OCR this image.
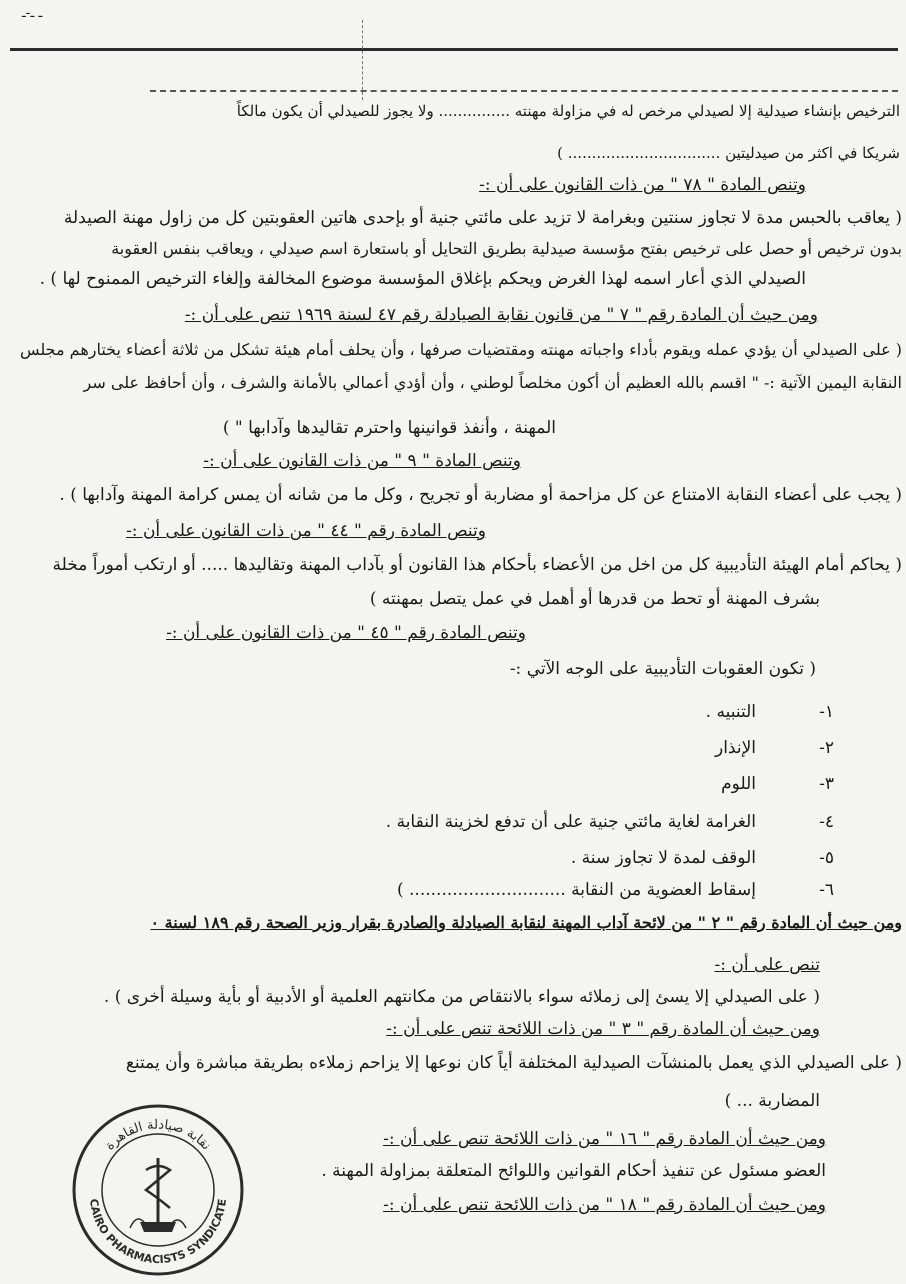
ـ ـ-ـ
الترخيص بإنشاء صيدلية إلا لصيدلي مرخص له في مزاولة مهنته ............... ولا يجوز للصيدلي أن يكون مالكاً
شريكا في اكثر من صيدليتين ................................ )
وتنص المادة " ٧٨ " من ذات القانون على أن :-
( يعاقب بالحبس مدة لا تجاوز سنتين وبغرامة لا تزيد على مائتي جنية أو بإحدى هاتين العقوبتين كل من زاول مهنة الصيدلة
بدون ترخيص أو حصل على ترخيص بفتح مؤسسة صيدلية بطريق التحايل أو باستعارة اسم صيدلي ، ويعاقب بنفس العقوبة
الصيدلي الذي أعار اسمه لهذا الغرض ويحكم بإغلاق المؤسسة موضوع المخالفة وإلغاء الترخيص الممنوح لها ) .
ومن حيث أن المادة رقم " ٧ " من قانون نقابة الصيادلة رقم ٤٧ لسنة ١٩٦٩ تنص على أن :-
( على الصيدلي أن يؤدي عمله ويقوم بأداء واجباته مهنته ومقتضيات صرفها ، وأن يحلف أمام هيئة تشكل من ثلاثة أعضاء يختارهم مجلس
النقابة اليمين الآتية :- " اقسم بالله العظيم أن أكون مخلصاً لوطني ، وأن أؤدي أعمالي بالأمانة والشرف ، وأن أحافظ على سر
المهنة ، وأنفذ قوانينها واحترم تقاليدها وآدابها " )
وتنص المادة " ٩ " من ذات القانون على أن :-
( يجب على أعضاء النقابة الامتناع عن كل مزاحمة أو مضاربة أو تجريح ، وكل ما من شانه أن يمس كرامة المهنة وآدابها ) .
وتنص المادة رقم " ٤٤ " من ذات القانون على أن :-
( يحاكم أمام الهيئة التأديبية كل من اخل من الأعضاء بأحكام هذا القانون أو بآداب المهنة وتقاليدها ..... أو ارتكب أموراً مخلة
بشرف المهنة أو تحط من قدرها أو أهمل في عمل يتصل بمهنته )
وتنص المادة رقم " ٤٥ " من ذات القانون على أن :-
( تكون العقوبات التأديبية على الوجه الآتي :-
١-
التنبيه .
٢-
الإنذار
٣-
اللوم
٤-
الغرامة لغاية مائتي جنية على أن تدفع لخزينة النقابة .
٥-
الوقف لمدة لا تجاوز سنة .
٦-
إسقاط العضوية من النقابة ............................. )
ومن حيث أن المادة رقم " ٢ " من لائحة آداب المهنة لنقابة الصيادلة والصادرة بقرار وزير الصحة رقم ١٨٩ لسنة ٠
تنص على أن :-
( على الصيدلي إلا يسئ إلى زملائه سواء بالانتقاص من مكانتهم العلمية أو الأدبية أو بأية وسيلة أخرى ) .
ومن حيث أن المادة رقم " ٣ " من ذات اللائحة تنص على أن :-
( على الصيدلي الذي يعمل بالمنشآت الصيدلية المختلفة أياً كان نوعها إلا يزاحم زملاءه بطريقة مباشرة وأن يمتنع
المضاربة ... )
ومن حيث أن المادة رقم " ١٦ " من ذات اللائحة تنص على أن :-
العضو مسئول عن تنفيذ أحكام القوانين واللوائح المتعلقة بمزاولة المهنة .
ومن حيث أن المادة رقم " ١٨ " من ذات اللائحة تنص على أن :-
CAIRO PHARMACISTS SYNDICATE
نقابة صيادلة القاهرة
